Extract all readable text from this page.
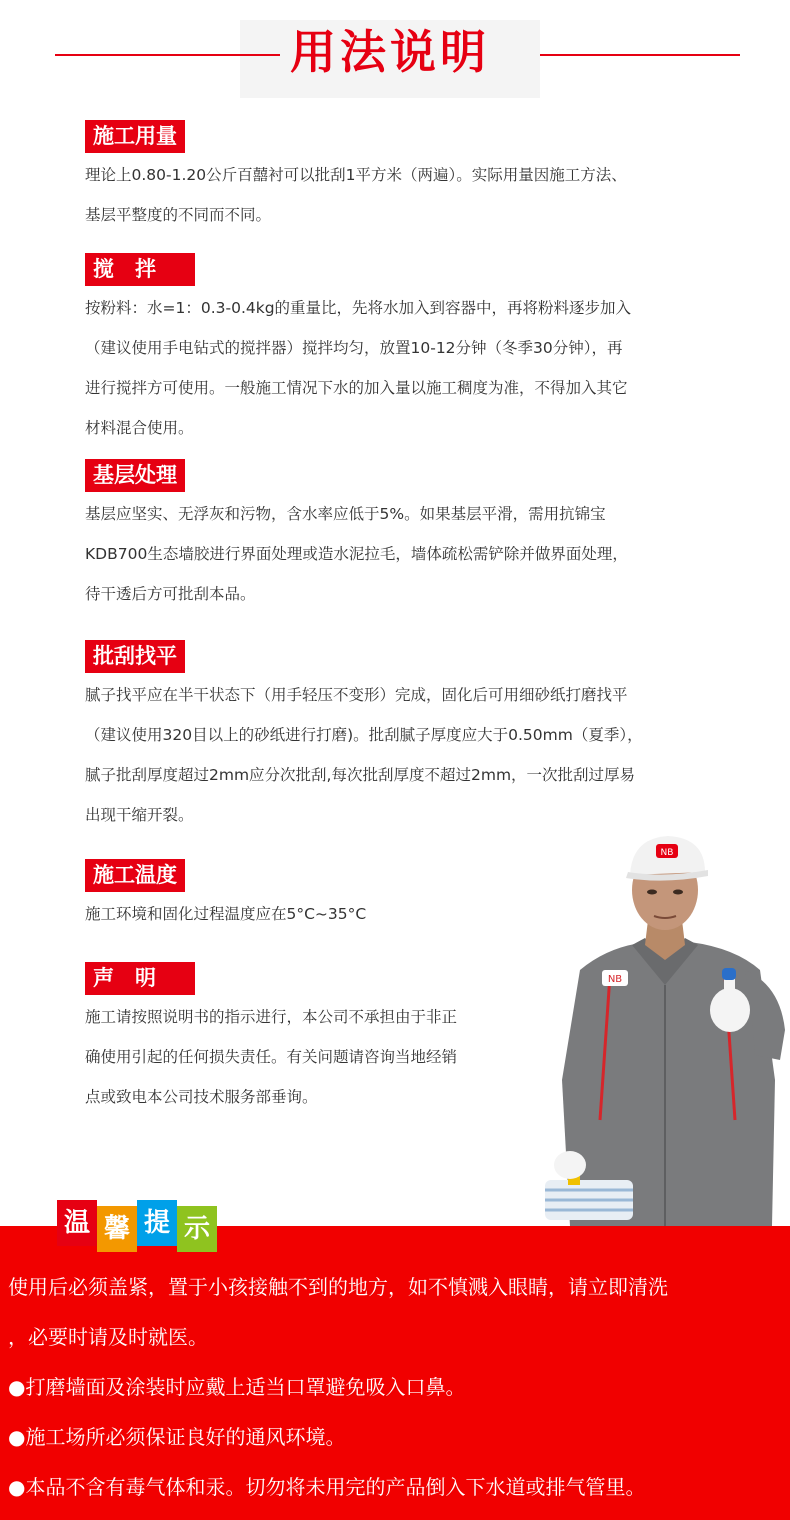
用法说明
施工用量
理论上0.80-1.20公斤百囍衬可以批刮1平方米（两遍）。实际用量因施工方法、
基层平整度的不同而不同。
搅　拌
按粉料：水=1：0.3-0.4kg的重量比，先将水加入到容器中，再将粉料逐步加入
（建议使用手电钻式的搅拌器）搅拌均匀，放置10-12分钟（冬季30分钟），再
进行搅拌方可使用。一般施工情况下水的加入量以施工稠度为准，不得加入其它
材料混合使用。
基层处理
基层应坚实、无浮灰和污物，含水率应低于5%。如果基层平滑，需用抗锦宝
KDB700生态墙胶进行界面处理或造水泥拉毛，墙体疏松需铲除并做界面处理，
待干透后方可批刮本品。
批刮找平
腻子找平应在半干状态下（用手轻压不变形）完成，固化后可用细砂纸打磨找平
（建议使用320目以上的砂纸进行打磨)。批刮腻子厚度应大于0.50mm（夏季），
腻子批刮厚度超过2mm应分次批刮,每次批刮厚度不超过2mm，一次批刮过厚易
出现干缩开裂。
施工温度
施工环境和固化过程温度应在5°C~35°C
声　明
施工请按照说明书的指示进行，本公司不承担由于非正
确使用引起的任何损失责任。有关问题请咨询当地经销
点或致电本公司技术服务部垂询。
NB
NB
温 馨 提 示
使用后必须盖紧，置于小孩接触不到的地方，如不慎溅入眼睛，请立即清洗
，必要时请及时就医。
●打磨墙面及涂装时应戴上适当口罩避免吸入口鼻。
●施工场所必须保证良好的通风环境。
●本品不含有毒气体和汞。切勿将未用完的产品倒入下水道或排气管里。
